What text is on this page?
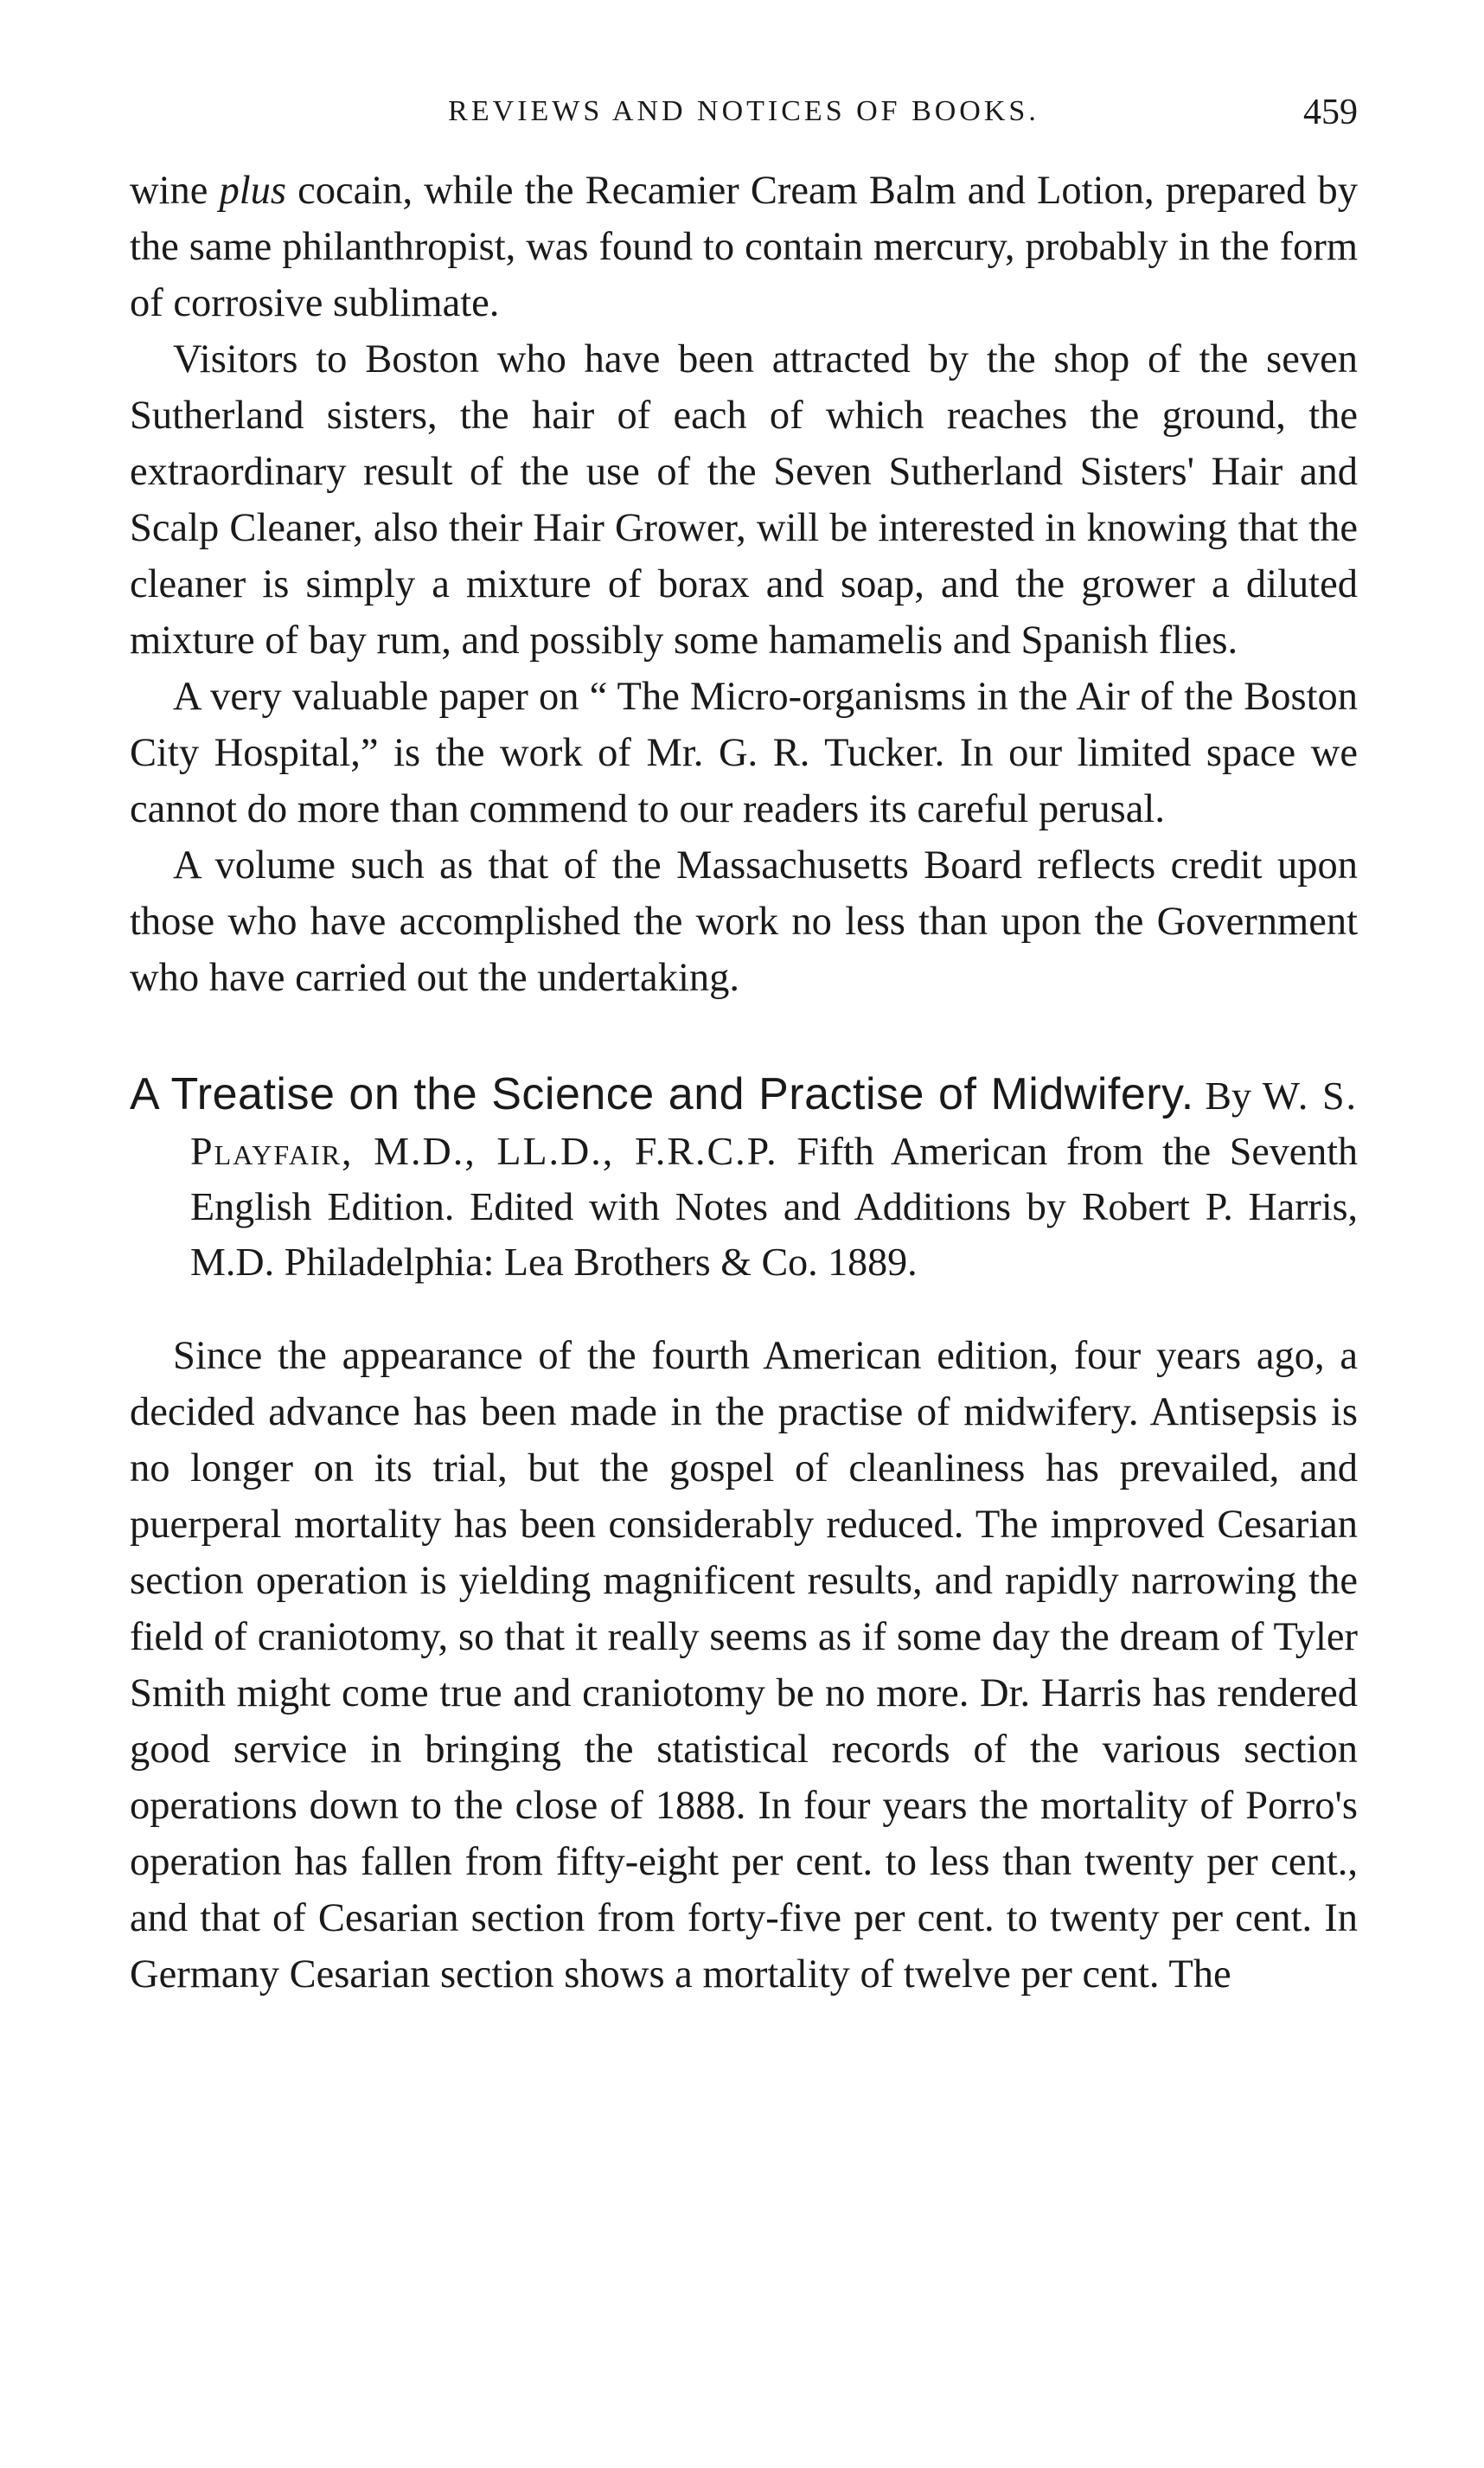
REVIEWS AND NOTICES OF BOOKS.	459

wine plus cocain, while the Recamier Cream Balm and Lotion, prepared by the same philanthropist, was found to contain mercury, probably in the form of corrosive sublimate.

Visitors to Boston who have been attracted by the shop of the seven Sutherland sisters, the hair of each of which reaches the ground, the extraordinary result of the use of the Seven Sutherland Sisters' Hair and Scalp Cleaner, also their Hair Grower, will be interested in knowing that the cleaner is simply a mixture of borax and soap, and the grower a diluted mixture of bay rum, and possibly some hamamelis and Spanish flies.

A very valuable paper on “ The Micro-organisms in the Air of the Boston City Hospital,” is the work of Mr. G. R. Tucker. In our limited space we cannot do more than commend to our readers its careful perusal.

A volume such as that of the Massachusetts Board reflects credit upon those who have accomplished the work no less than upon the Government who have carried out the undertaking.

A Treatise on the Science and Practise of Midwifery. By W. S. Playfair, M.D., LL.D., F.R.C.P. Fifth American from the Seventh English Edition. Edited with Notes and Additions by Robert P. Harris, M.D. Philadelphia: Lea Brothers & Co. 1889.

Since the appearance of the fourth American edition, four years ago, a decided advance has been made in the practise of midwifery. Antisepsis is no longer on its trial, but the gospel of cleanliness has prevailed, and puerperal mortality has been considerably reduced. The improved Cesarian section operation is yielding magnificent results, and rapidly narrowing the field of craniotomy, so that it really seems as if some day the dream of Tyler Smith might come true and craniotomy be no more. Dr. Harris has rendered good service in bringing the statistical records of the various section operations down to the close of 1888. In four years the mortality of Porro's operation has fallen from fifty-eight per cent. to less than twenty per cent., and that of Cesarian section from forty-five per cent. to twenty per cent. In Germany Cesarian section shows a mortality of twelve per cent. The
